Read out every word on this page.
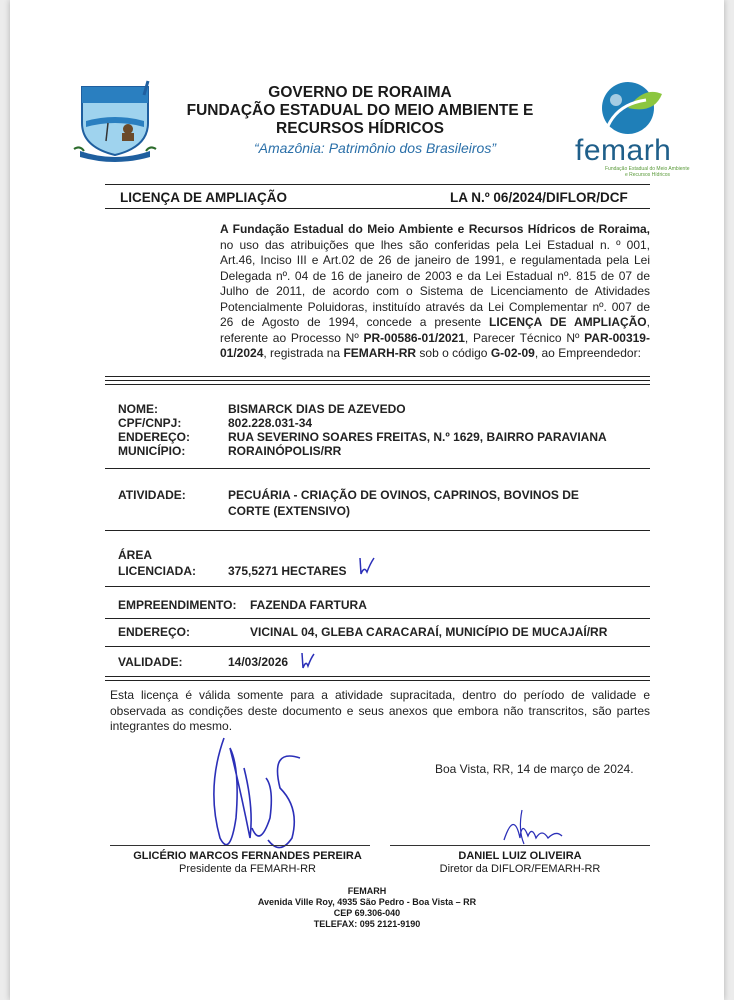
GOVERNO DE RORAIMA
FUNDAÇÃO ESTADUAL DO MEIO AMBIENTE E
RECURSOS HÍDRICOS
“Amazônia: Patrimônio dos Brasileiros”	femarh
Fundação Estadual do Meio Ambiente
e Recursos Hídricos
LICENÇA DE AMPLIAÇÃO	LA N.º 06/2024/DIFLOR/DCF
A Fundação Estadual do Meio Ambiente e Recursos Hídricos de Roraima, no uso das atribuições que lhes são conferidas pela Lei Estadual n. º 001, Art.46, Inciso III e Art.02 de 26 de janeiro de 1991, e regulamentada pela Lei Delegada nº. 04 de 16 de janeiro de 2003 e da Lei Estadual nº. 815 de 07 de Julho de 2011, de acordo com o Sistema de Licenciamento de Atividades Potencialmente Poluidoras, instituído através da Lei Complementar nº. 007 de 26 de Agosto de 1994, concede a presente LICENÇA DE AMPLIAÇÃO, referente ao Processo Nº PR-00586-01/2021, Parecer Técnico Nº PAR-00319-01/2024, registrada na FEMARH-RR sob o código G-02-09, ao Empreendedor:
NOME:	BISMARCK DIAS DE AZEVEDO
CPF/CNPJ:	802.228.031-34
ENDEREÇO:	RUA SEVERINO SOARES FREITAS, N.º 1629, BAIRRO PARAVIANA
MUNICÍPIO:	RORAINÓPOLIS/RR
ATIVIDADE:	PECUÁRIA - CRIAÇÃO DE OVINOS, CAPRINOS, BOVINOS DE
CORTE (EXTENSIVO)
ÁREA
LICENCIADA:	375,5271 HECTARES
EMPREENDIMENTO: FAZENDA FARTURA
ENDEREÇO:	VICINAL 04, GLEBA CARACARAÍ, MUNICÍPIO DE MUCAJAÍ/RR
VALIDADE:	14/03/2026
Esta licença é válida somente para a atividade supracitada, dentro do período de validade e observada as condições deste documento e seus anexos que embora não transcritos, são partes integrantes do mesmo.
Boa Vista, RR, 14 de março de 2024.
GLICÉRIO MARCOS FERNANDES PEREIRA
Presidente da FEMARH-RR
DANIEL LUIZ OLIVEIRA
Diretor da DIFLOR/FEMARH-RR
FEMARH
Avenida Ville Roy, 4935 São Pedro - Boa Vista – RR
CEP 69.306-040
TELEFAX: 095 2121-9190
